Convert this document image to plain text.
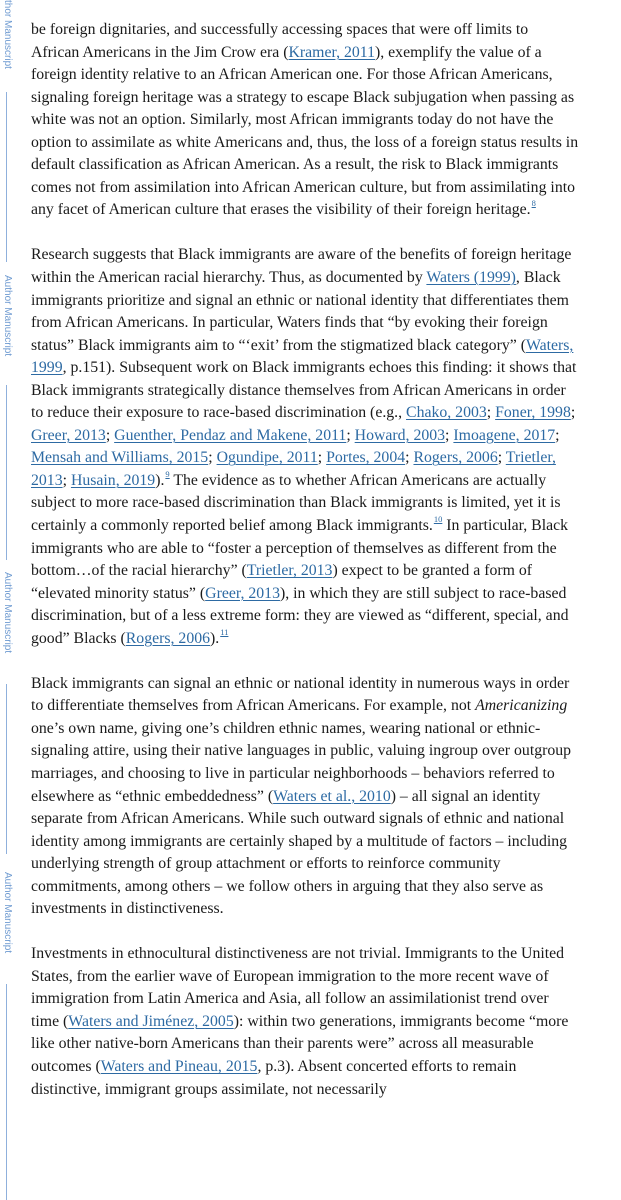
thor Manuscript
Author Manuscript
Author Manuscript
Author Manuscript

be foreign dignitaries, and successfully accessing spaces that were off limits to African Americans in the Jim Crow era (Kramer, 2011), exemplify the value of a foreign identity relative to an African American one. For those African Americans, signaling foreign heritage was a strategy to escape Black subjugation when passing as white was not an option. Similarly, most African immigrants today do not have the option to assimilate as white Americans and, thus, the loss of a foreign status results in default classification as African American. As a result, the risk to Black immigrants comes not from assimilation into African American culture, but from assimilating into any facet of American culture that erases the visibility of their foreign heritage.$^8$

Research suggests that Black immigrants are aware of the benefits of foreign heritage within the American racial hierarchy. Thus, as documented by Waters (1999), Black immigrants prioritize and signal an ethnic or national identity that differentiates them from African Americans. In particular, Waters finds that “by evoking their foreign status” Black immigrants aim to “‘exit’ from the stigmatized black category” (Waters, 1999, p.151). Subsequent work on Black immigrants echoes this finding: it shows that Black immigrants strategically distance themselves from African Americans in order to reduce their exposure to race-based discrimination (e.g., Chako, 2003; Foner, 1998; Greer, 2013; Guenther, Pendaz and Makene, 2011; Howard, 2003; Imoagene, 2017; Mensah and Williams, 2015; Ogundipe, 2011; Portes, 2004; Rogers, 2006; Trietler, 2013; Husain, 2019).$^9$ The evidence as to whether African Americans are actually subject to more race-based discrimination than Black immigrants is limited, yet it is certainly a commonly reported belief among Black immigrants.$^{10}$ In particular, Black immigrants who are able to “foster a perception of themselves as different from the bottom…of the racial hierarchy” (Trietler, 2013) expect to be granted a form of “elevated minority status” (Greer, 2013), in which they are still subject to race-based discrimination, but of a less extreme form: they are viewed as “different, special, and good” Blacks (Rogers, 2006).$^{11}$

Black immigrants can signal an ethnic or national identity in numerous ways in order to differentiate themselves from African Americans. For example, not Americanizing one’s own name, giving one’s children ethnic names, wearing national or ethnic-signaling attire, using their native languages in public, valuing ingroup over outgroup marriages, and choosing to live in particular neighborhoods – behaviors referred to elsewhere as “ethnic embeddedness” (Waters et al., 2010) – all signal an identity separate from African Americans. While such outward signals of ethnic and national identity among immigrants are certainly shaped by a multitude of factors – including underlying strength of group attachment or efforts to reinforce community commitments, among others – we follow others in arguing that they also serve as investments in distinctiveness.

Investments in ethnocultural distinctiveness are not trivial. Immigrants to the United States, from the earlier wave of European immigration to the more recent wave of immigration from Latin America and Asia, all follow an assimilationist trend over time (Waters and Jiménez, 2005): within two generations, immigrants become “more like other native-born Americans than their parents were” across all measurable outcomes (Waters and Pineau, 2015, p.3). Absent concerted efforts to remain distinctive, immigrant groups assimilate, not necessarily
